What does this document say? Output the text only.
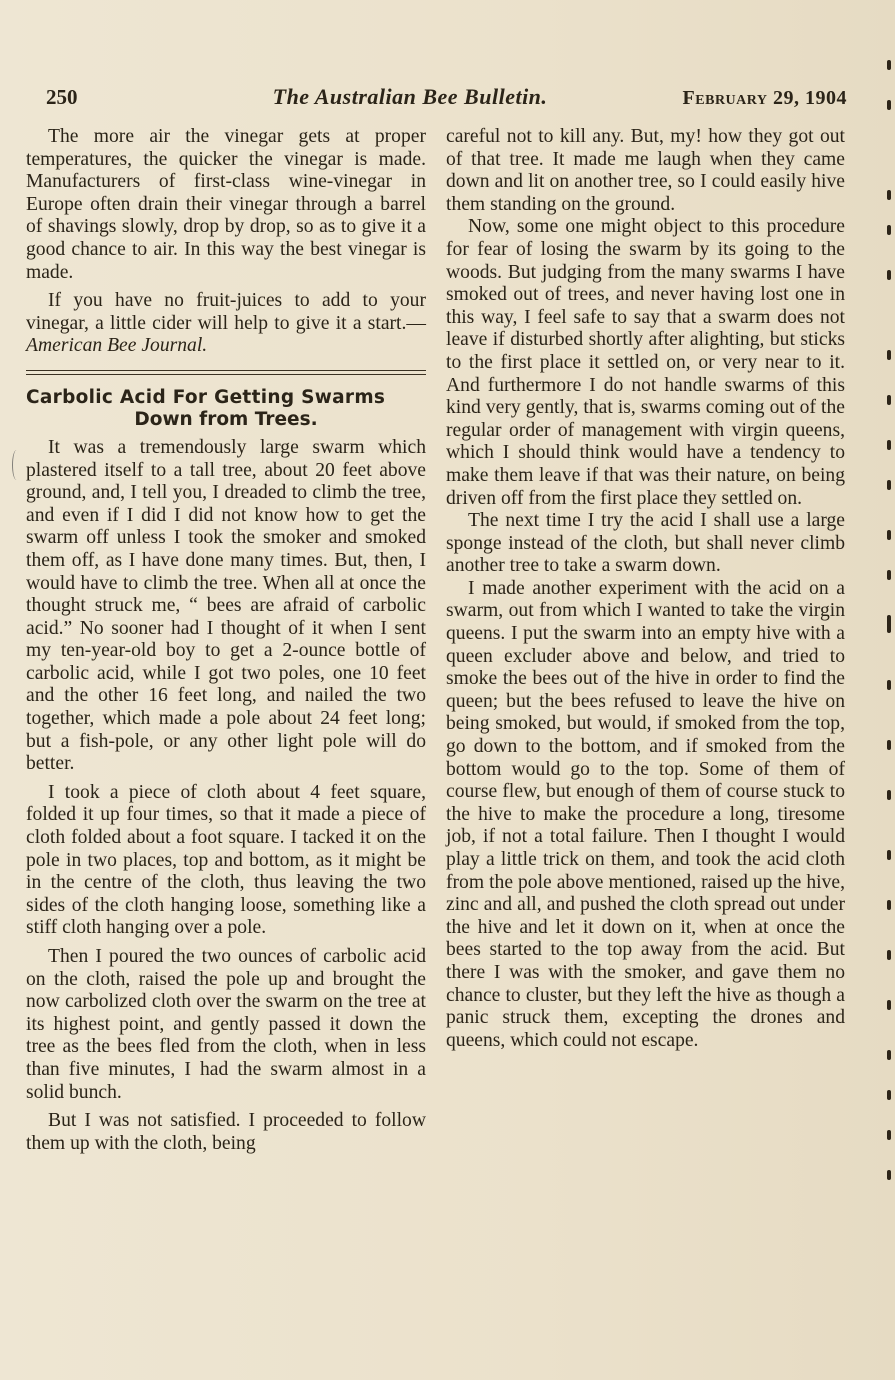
250	The Australian Bee Bulletin.	February 29, 1904

The more air the vinegar gets at proper temperatures, the quicker the vinegar is made. Manufacturers of first-class wine-vinegar in Europe often drain their vinegar through a barrel of shavings slowly, drop by drop, so as to give it a good chance to air. In this way the best vinegar is made.

If you have no fruit-juices to add to your vinegar, a little cider will help to give it a start.—American Bee Journal.

Carbolic Acid For Getting Swarms
Down from Trees.

It was a tremendously large swarm which plastered itself to a tall tree, about 20 feet above ground, and, I tell you, I dreaded to climb the tree, and even if I did I did not know how to get the swarm off unless I took the smoker and smoked them off, as I have done many times. But, then, I would have to climb the tree. When all at once the thought struck me, “ bees are afraid of carbolic acid.” No sooner had I thought of it when I sent my ten-year-old boy to get a 2-ounce bottle of carbolic acid, while I got two poles, one 10 feet and the other 16 feet long, and nailed the two together, which made a pole about 24 feet long; but a fish-pole, or any other light pole will do better.

I took a piece of cloth about 4 feet square, folded it up four times, so that it made a piece of cloth folded about a foot square. I tacked it on the pole in two places, top and bottom, as it might be in the centre of the cloth, thus leaving the two sides of the cloth hanging loose, something like a stiff cloth hanging over a pole.

Then I poured the two ounces of carbolic acid on the cloth, raised the pole up and brought the now carbolized cloth over the swarm on the tree at its highest point, and gently passed it down the tree as the bees fled from the cloth, when in less than five minutes, I had the swarm almost in a solid bunch.

But I was not satisfied. I proceeded to follow them up with the cloth, being

careful not to kill any. But, my! how they got out of that tree. It made me laugh when they came down and lit on another tree, so I could easily hive them standing on the ground.

Now, some one might object to this procedure for fear of losing the swarm by its going to the woods. But judging from the many swarms I have smoked out of trees, and never having lost one in this way, I feel safe to say that a swarm does not leave if disturbed shortly after alighting, but sticks to the first place it settled on, or very near to it. And furthermore I do not handle swarms of this kind very gently, that is, swarms coming out of the regular order of management with virgin queens, which I should think would have a tendency to make them leave if that was their nature, on being driven off from the first place they settled on.

The next time I try the acid I shall use a large sponge instead of the cloth, but shall never climb another tree to take a swarm down.

I made another experiment with the acid on a swarm, out from which I wanted to take the virgin queens. I put the swarm into an empty hive with a queen excluder above and below, and tried to smoke the bees out of the hive in order to find the queen; but the bees refused to leave the hive on being smoked, but would, if smoked from the top, go down to the bottom, and if smoked from the bottom would go to the top. Some of them of course flew, but enough of them of course stuck to the hive to make the procedure a long, tiresome job, if not a total failure. Then I thought I would play a little trick on them, and took the acid cloth from the pole above mentioned, raised up the hive, zinc and all, and pushed the cloth spread out under the hive and let it down on it, when at once the bees started to the top away from the acid. But there I was with the smoker, and gave them no chance to cluster, but they left the hive as though a panic struck them, excepting the drones and queens, which could not escape.
